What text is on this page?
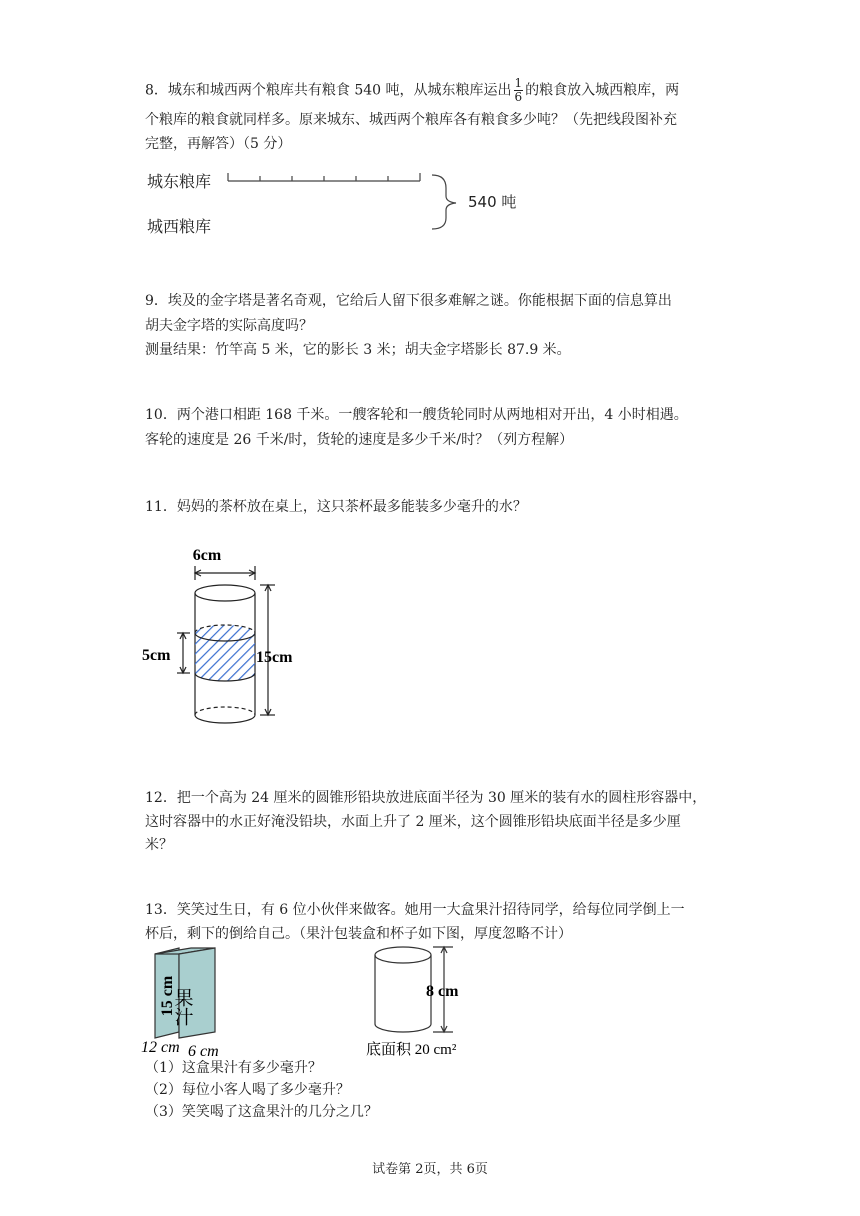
8．城东和城西两个粮库共有粮食 540 吨，从城东粮库运出 $\frac{1}{6}$ 的粮食放入城西粮库，两
个粮库的粮食就同样多。原来城东、城西两个粮库各有粮食多少吨？（先把线段图补充
完整，再解答）（5 分）
城东粮库
城西粮库
540 吨
9．埃及的金字塔是著名奇观，它给后人留下很多难解之谜。你能根据下面的信息算出
胡夫金字塔的实际高度吗？
测量结果：竹竿高 5 米，它的影长 3 米；胡夫金字塔影长 87.9 米。
10．两个港口相距 168 千米。一艘客轮和一艘货轮同时从两地相对开出，4 小时相遇。
客轮的速度是 26 千米/时，货轮的速度是多少千米/时？（列方程解）
11．妈妈的茶杯放在桌上，这只茶杯最多能装多少毫升的水？
6cm
5cm	15cm
12．把一个高为 24 厘米的圆锥形铅块放进底面半径为 30 厘米的装有水的圆柱形容器中，
这时容器中的水正好淹没铅块，水面上升了 2 厘米，这个圆锥形铅块底面半径是多少厘
米？
13．笑笑过生日，有 6 位小伙伴来做客。她用一大盒果汁招待同学，给每位同学倒上一
杯后，剩下的倒给自己。（果汁包装盒和杯子如下图，厚度忽略不计）
15 cm
果汁
12 cm 6 cm
8 cm
底面积 20 cm²
（1）这盒果汁有多少毫升？
（2）每位小客人喝了多少毫升？
（3）笑笑喝了这盒果汁的几分之几？
试卷第 2页，共 6页
